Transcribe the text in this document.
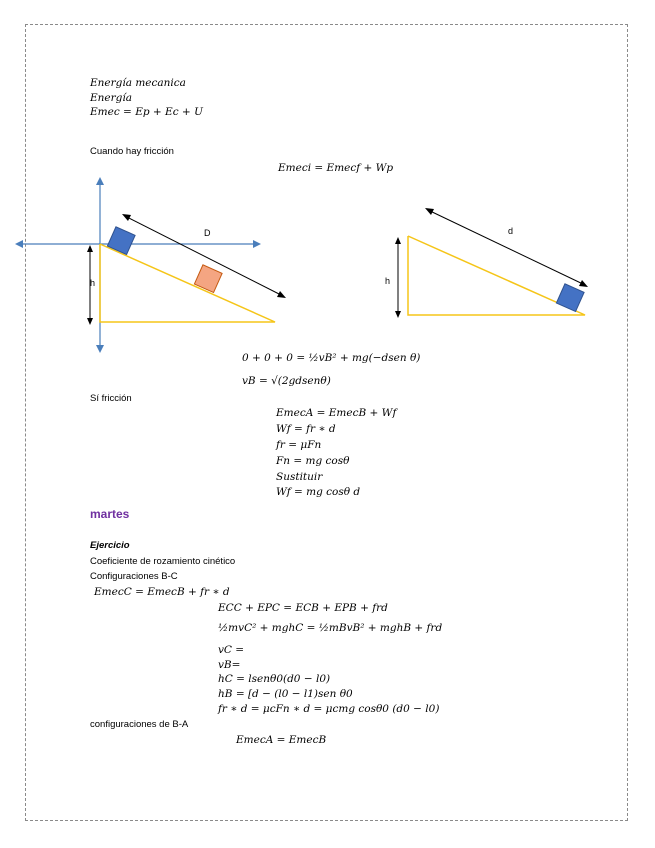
Energía mecanica
Energía
Emec = Ep + Ec + U
Cuando hay fricción
Emeci = Emecf + Wp
D
h
d
h
0 + 0 + 0 = ½vB² + mg(−dsen θ)
vB = √(2gdsenθ)
Sí fricción
EmecA = EmecB + Wf
Wf = fr ∗ d
fr = μFn
Fn = mg cosθ
Sustituir
Wf = mg cosθ d
martes
Ejercicio
Coeficiente de rozamiento cinético
Configuraciones B-C
EmecC = EmecB + fr ∗ d
ECC + EPC = ECB + EPB + frd
½mvC² + mghC = ½mBvB² + mghB + frd
vC =
vB=
hC = lsenθ0(d0 − l0)
hB = [d − (l0 − l1)sen θ0
fr ∗ d = μcFn ∗ d = μcmg cosθ0 (d0 − l0)
configuraciones de B-A
EmecA = EmecB
